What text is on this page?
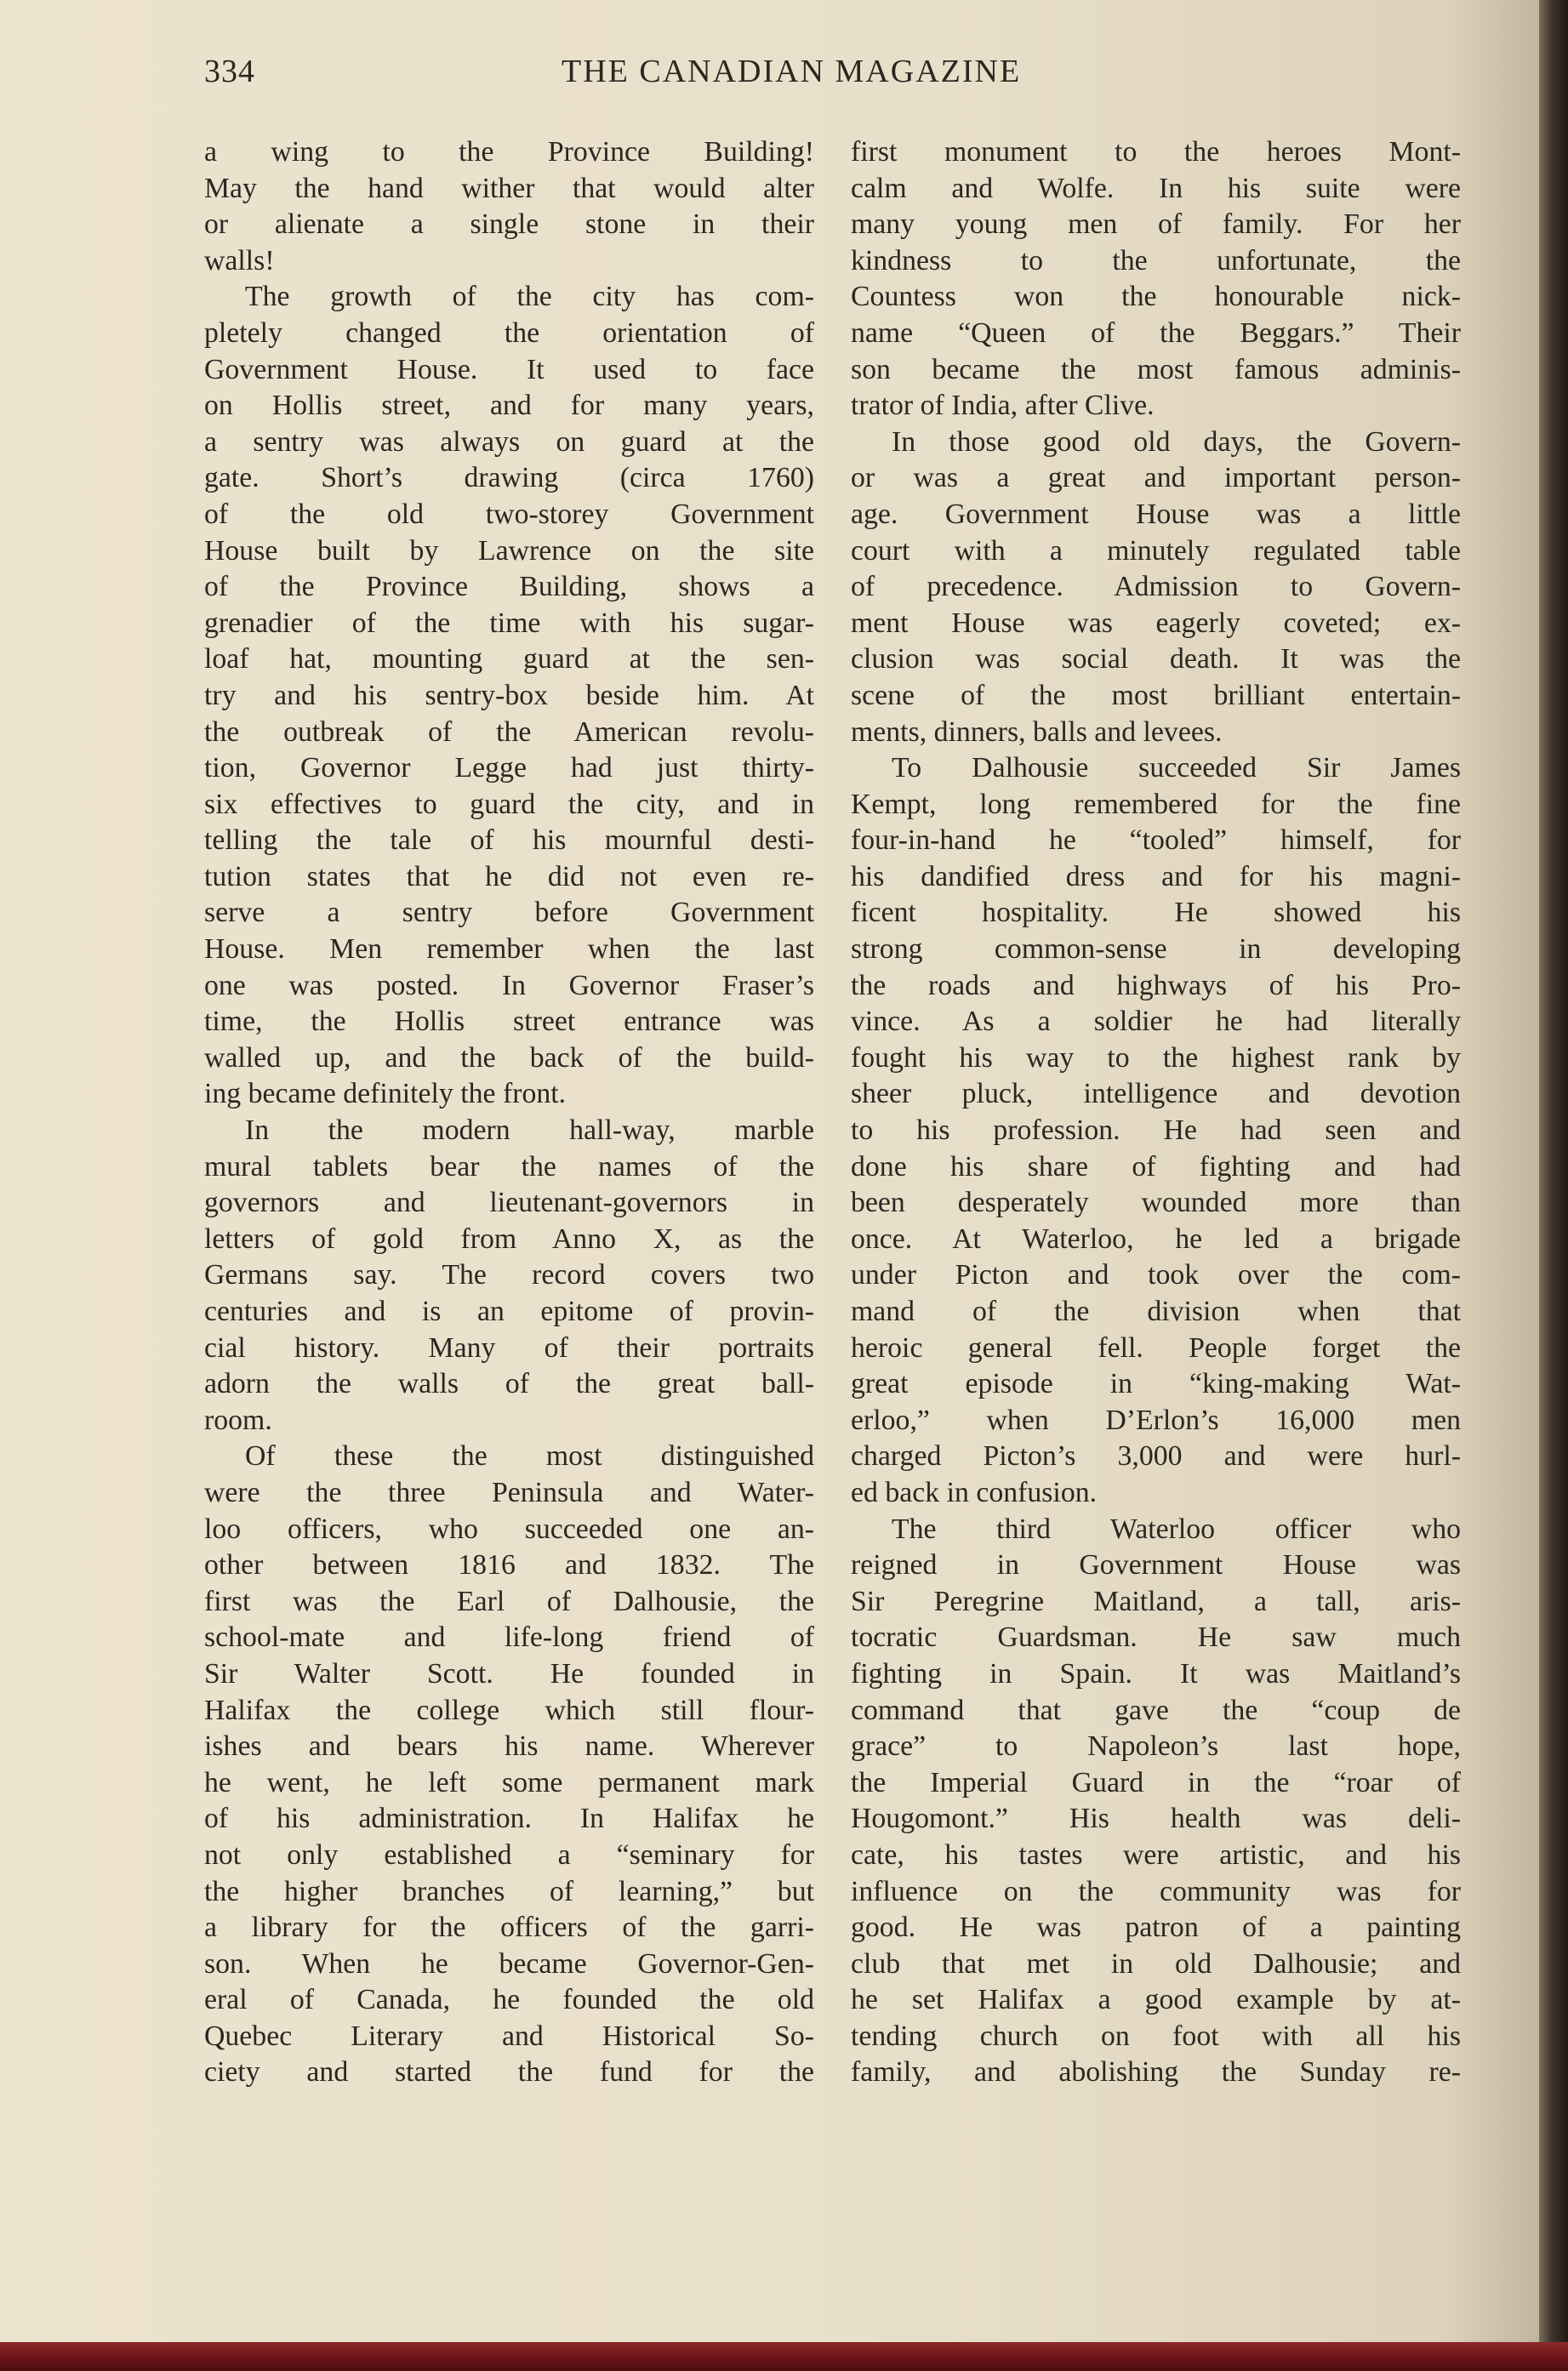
334	THE CANADIAN MAGAZINE
a wing to the Province Building!
May the hand wither that would alter
or alienate a single stone in their
walls!
The growth of the city has com-
pletely changed the orientation of
Government House. It used to face
on Hollis street, and for many years,
a sentry was always on guard at the
gate. Short’s drawing (circa 1760)
of the old two-storey Government
House built by Lawrence on the site
of the Province Building, shows a
grenadier of the time with his sugar-
loaf hat, mounting guard at the sen-
try and his sentry-box beside him. At
the outbreak of the American revolu-
tion, Governor Legge had just thirty-
six effectives to guard the city, and in
telling the tale of his mournful desti-
tution states that he did not even re-
serve a sentry before Government
House. Men remember when the last
one was posted. In Governor Fraser’s
time, the Hollis street entrance was
walled up, and the back of the build-
ing became definitely the front.
In the modern hall-way, marble
mural tablets bear the names of the
governors and lieutenant-governors in
letters of gold from Anno X, as the
Germans say. The record covers two
centuries and is an epitome of provin-
cial history. Many of their portraits
adorn the walls of the great ball-
room.
Of these the most distinguished
were the three Peninsula and Water-
loo officers, who succeeded one an-
other between 1816 and 1832. The
first was the Earl of Dalhousie, the
school-mate and life-long friend of
Sir Walter Scott. He founded in
Halifax the college which still flour-
ishes and bears his name. Wherever
he went, he left some permanent mark
of his administration. In Halifax he
not only established a “seminary for
the higher branches of learning,” but
a library for the officers of the garri-
son. When he became Governor-Gen-
eral of Canada, he founded the old
Quebec Literary and Historical So-
ciety and started the fund for the
first monument to the heroes Mont-
calm and Wolfe. In his suite were
many young men of family. For her
kindness to the unfortunate, the
Countess won the honourable nick-
name “Queen of the Beggars.” Their
son became the most famous adminis-
trator of India, after Clive.
In those good old days, the Govern-
or was a great and important person-
age. Government House was a little
court with a minutely regulated table
of precedence. Admission to Govern-
ment House was eagerly coveted; ex-
clusion was social death. It was the
scene of the most brilliant entertain-
ments, dinners, balls and levees.
To Dalhousie succeeded Sir James
Kempt, long remembered for the fine
four-in-hand he “tooled” himself, for
his dandified dress and for his magni-
ficent hospitality. He showed his
strong common-sense in developing
the roads and highways of his Pro-
vince. As a soldier he had literally
fought his way to the highest rank by
sheer pluck, intelligence and devotion
to his profession. He had seen and
done his share of fighting and had
been desperately wounded more than
once. At Waterloo, he led a brigade
under Picton and took over the com-
mand of the division when that
heroic general fell. People forget the
great episode in “king-making Wat-
erloo,” when D’Erlon’s 16,000 men
charged Picton’s 3,000 and were hurl-
ed back in confusion.
The third Waterloo officer who
reigned in Government House was
Sir Peregrine Maitland, a tall, aris-
tocratic Guardsman. He saw much
fighting in Spain. It was Maitland’s
command that gave the “coup de
grace” to Napoleon’s last hope,
the Imperial Guard in the “roar of
Hougomont.” His health was deli-
cate, his tastes were artistic, and his
influence on the community was for
good. He was patron of a painting
club that met in old Dalhousie; and
he set Halifax a good example by at-
tending church on foot with all his
family, and abolishing the Sunday re-
